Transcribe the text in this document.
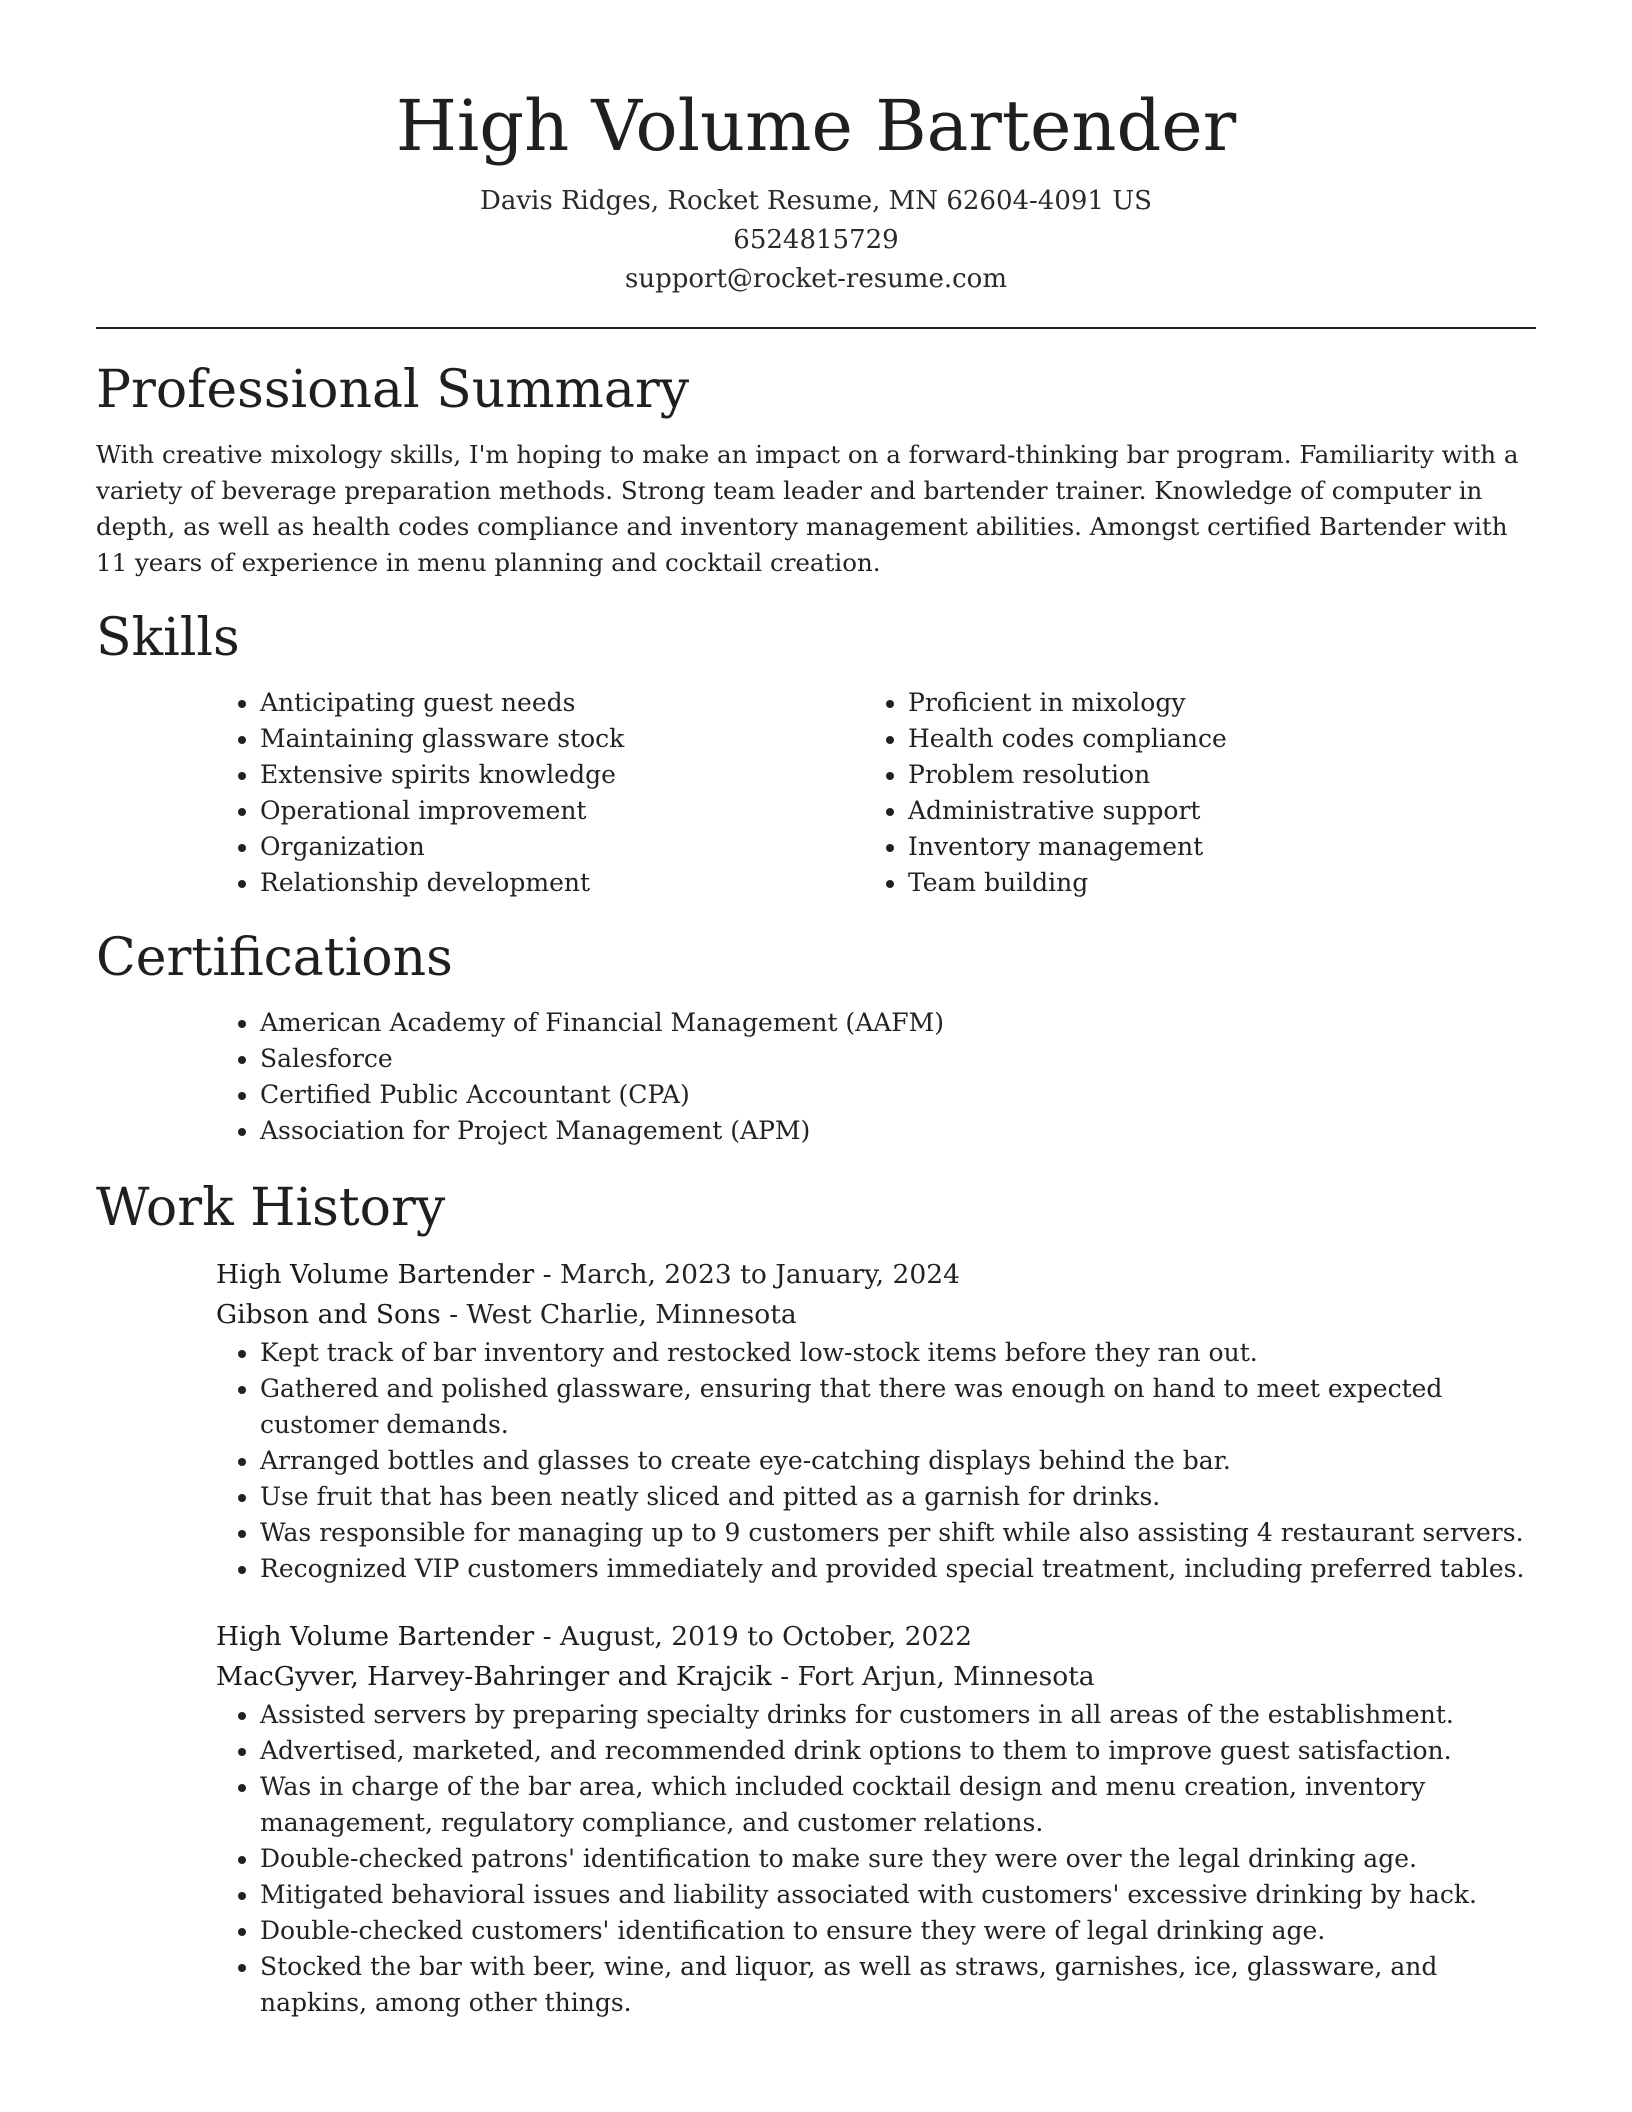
High Volume Bartender
Davis Ridges, Rocket Resume, MN 62604-4091 US
6524815729
support@rocket-resume.com
Professional Summary

With creative mixology skills, I'm hoping to make an impact on a forward-thinking bar program. Familiarity with a variety of beverage preparation methods. Strong team leader and bartender trainer. Knowledge of computer in depth, as well as health codes compliance and inventory management abilities. Amongst certified Bartender with 11 years of experience in menu planning and cocktail creation.

Skills
• Anticipating guest needs
• Maintaining glassware stock
• Extensive spirits knowledge
• Operational improvement
• Organization
• Relationship development
• Proficient in mixology
• Health codes compliance
• Problem resolution
• Administrative support
• Inventory management
• Team building
Certifications
• American Academy of Financial Management (AAFM)
• Salesforce
• Certified Public Accountant (CPA)
• Association for Project Management (APM)
Work History
High Volume Bartender - March, 2023 to January, 2024
Gibson and Sons - West Charlie, Minnesota
• Kept track of bar inventory and restocked low-stock items before they ran out.
• Gathered and polished glassware, ensuring that there was enough on hand to meet expected customer demands.
• Arranged bottles and glasses to create eye-catching displays behind the bar.
• Use fruit that has been neatly sliced and pitted as a garnish for drinks.
• Was responsible for managing up to 9 customers per shift while also assisting 4 restaurant servers.
• Recognized VIP customers immediately and provided special treatment, including preferred tables.
High Volume Bartender - August, 2019 to October, 2022
MacGyver, Harvey-Bahringer and Krajcik - Fort Arjun, Minnesota
• Assisted servers by preparing specialty drinks for customers in all areas of the establishment.
• Advertised, marketed, and recommended drink options to them to improve guest satisfaction.
• Was in charge of the bar area, which included cocktail design and menu creation, inventory management, regulatory compliance, and customer relations.
• Double-checked patrons' identification to make sure they were over the legal drinking age.
• Mitigated behavioral issues and liability associated with customers' excessive drinking by hack.
• Double-checked customers' identification to ensure they were of legal drinking age.
• Stocked the bar with beer, wine, and liquor, as well as straws, garnishes, ice, glassware, and napkins, among other things.
